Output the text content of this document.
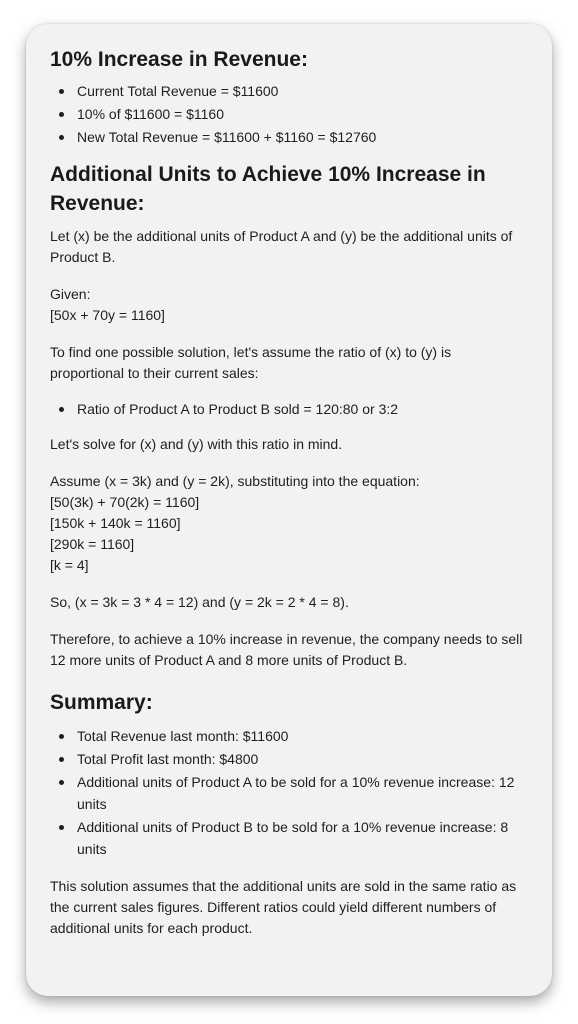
10% Increase in Revenue:
Current Total Revenue = $11600
10% of $11600 = $1160
New Total Revenue = $11600 + $1160 = $12760
Additional Units to Achieve 10% Increase in Revenue:

Let (x) be the additional units of Product A and (y) be the additional units of Product B.

Given:
[50x + 70y = 1160]

To find one possible solution, let's assume the ratio of (x) to (y) is proportional to their current sales:

Ratio of Product A to Product B sold = 120:80 or 3:2

Let's solve for (x) and (y) with this ratio in mind.

Assume (x = 3k) and (y = 2k), substituting into the equation:
[50(3k) + 70(2k) = 1160]
[150k + 140k = 1160]
[290k = 1160]
[k = 4]

So, (x = 3k = 3 * 4 = 12) and (y = 2k = 2 * 4 = 8).

Therefore, to achieve a 10% increase in revenue, the company needs to sell 12 more units of Product A and 8 more units of Product B.

Summary:
Total Revenue last month: $11600
Total Profit last month: $4800
Additional units of Product A to be sold for a 10% revenue increase: 12 units
Additional units of Product B to be sold for a 10% revenue increase: 8 units

This solution assumes that the additional units are sold in the same ratio as the current sales figures. Different ratios could yield different numbers of additional units for each product.
